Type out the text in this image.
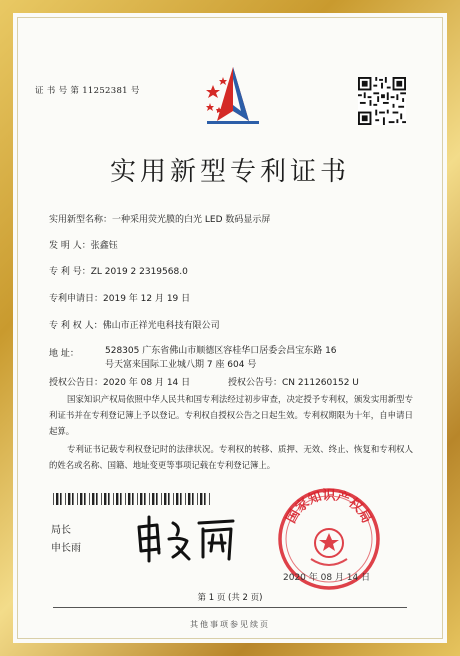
证 书 号 第 11252381 号
实用新型专利证书
实用新型名称：一种采用荧光膜的白光 LED 数码显示屏
发 明 人：张鑫钰
专 利 号：ZL 2019 2 2319568.0
专利申请日：2019 年 12 月 19 日
专 利 权 人：佛山市正祥光电科技有限公司
地 址：	528305 广东省佛山市顺德区容桂华口居委会昌宝东路 16
号天富来国际工业城八期 7 座 604 号
授权公告日：2020 年 08 月 14 日	授权公告号：CN 211260152 U
国家知识产权局依照中华人民共和国专利法经过初步审查，决定授予专利权，颁发实用新型专利证书并在专利登记簿上予以登记。专利权自授权公告之日起生效。专利权期限为十年，自申请日起算。
专利证书记载专利权登记时的法律状况。专利权的转移、质押、无效、终止、恢复和专利权人的姓名或名称、国籍、地址变更等事项记载在专利登记簿上。
局长
申长雨
国家知识产权局
2020 年 08 月 14 日
第 1 页 (共 2 页)
其他事项参见续页
